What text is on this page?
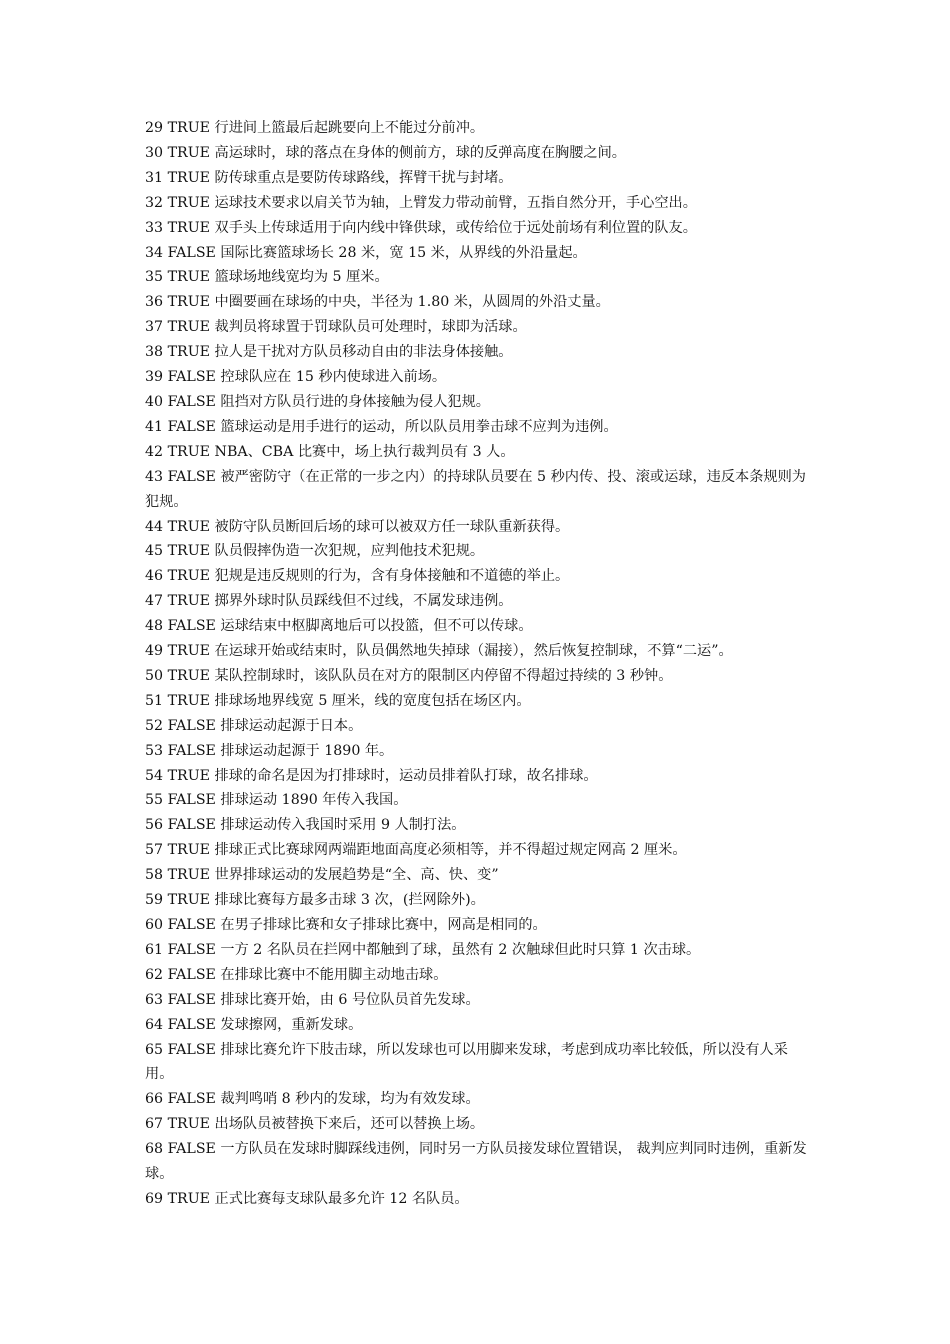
29 TRUE 行进间上篮最后起跳要向上不能过分前冲。

30 TRUE 高运球时，球的落点在身体的侧前方，球的反弹高度在胸腰之间。

31 TRUE 防传球重点是要防传球路线，挥臂干扰与封堵。

32 TRUE 运球技术要求以肩关节为轴，上臂发力带动前臂，五指自然分开，手心空出。

33 TRUE 双手头上传球适用于向内线中锋供球，或传给位于远处前场有利位置的队友。

34 FALSE 国际比赛篮球场长 28 米，宽 15 米，从界线的外沿量起。

35 TRUE 篮球场地线宽均为 5 厘米。

36 TRUE 中圈要画在球场的中央，半径为 1.80 米，从圆周的外沿丈量。

37 TRUE 裁判员将球置于罚球队员可处理时，球即为活球。

38 TRUE 拉人是干扰对方队员移动自由的非法身体接触。

39 FALSE 控球队应在 15 秒内使球进入前场。

40 FALSE 阻挡对方队员行进的身体接触为侵人犯规。

41 FALSE 篮球运动是用手进行的运动，所以队员用拳击球不应判为违例。

42 TRUE NBA、CBA 比赛中，场上执行裁判员有 3 人。

43 FALSE 被严密防守（在正常的一步之内）的持球队员要在 5 秒内传、投、滚或运球，违反本条规则为犯规。

44 TRUE 被防守队员断回后场的球可以被双方任一球队重新获得。

45 TRUE 队员假摔伪造一次犯规，应判他技术犯规。

46 TRUE 犯规是违反规则的行为，含有身体接触和不道德的举止。

47 TRUE 掷界外球时队员踩线但不过线，不属发球违例。

48 FALSE 运球结束中枢脚离地后可以投篮，但不可以传球。

49 TRUE 在运球开始或结束时，队员偶然地失掉球（漏接），然后恢复控制球，不算“二运”。

50 TRUE 某队控制球时，该队队员在对方的限制区内停留不得超过持续的 3 秒钟。

51 TRUE 排球场地界线宽 5 厘米，线的宽度包括在场区内。

52 FALSE 排球运动起源于日本。

53 FALSE 排球运动起源于 1890 年。

54 TRUE 排球的命名是因为打排球时，运动员排着队打球，故名排球。

55 FALSE 排球运动 1890 年传入我国。

56 FALSE 排球运动传入我国时采用 9 人制打法。

57 TRUE 排球正式比赛球网两端距地面高度必须相等，并不得超过规定网高 2 厘米。

58 TRUE 世界排球运动的发展趋势是“全、高、快、变”

59 TRUE 排球比赛每方最多击球 3 次，(拦网除外)。

60 FALSE 在男子排球比赛和女子排球比赛中，网高是相同的。

61 FALSE 一方 2 名队员在拦网中都触到了球，虽然有 2 次触球但此时只算 1 次击球。

62 FALSE 在排球比赛中不能用脚主动地击球。

63 FALSE 排球比赛开始，由 6 号位队员首先发球。

64 FALSE 发球擦网，重新发球。

65 FALSE 排球比赛允许下肢击球，所以发球也可以用脚来发球，考虑到成功率比较低，所以没有人采用。

66 FALSE 裁判鸣哨 8 秒内的发球，均为有效发球。

67 TRUE 出场队员被替换下来后，还可以替换上场。

68 FALSE 一方队员在发球时脚踩线违例，同时另一方队员接发球位置错误， 裁判应判同时违例，重新发球。

69 TRUE 正式比赛每支球队最多允许 12 名队员。
